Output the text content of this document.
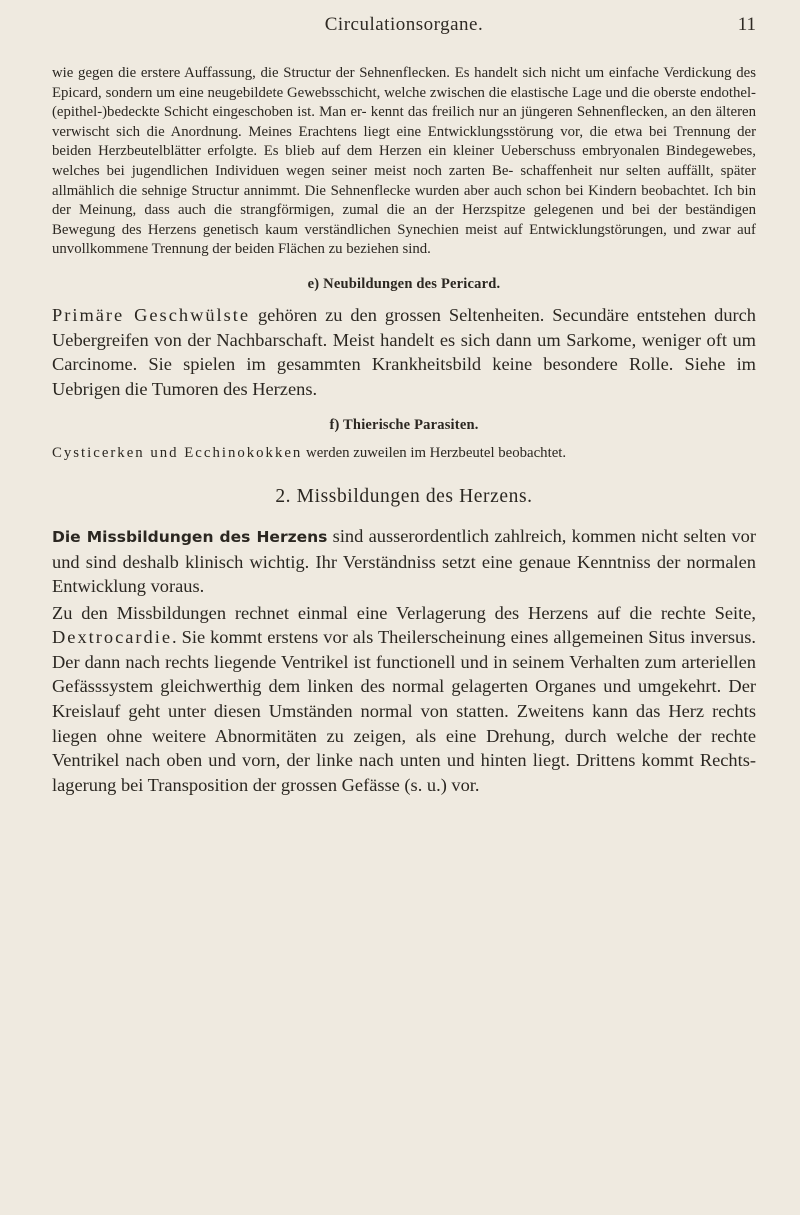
Circulationsorgane.	11

wie gegen die erstere Auffassung, die Structur der Sehnenflecken. Es handelt sich nicht um einfache Verdickung des Epicard, sondern um eine neugebildete Gewebsschicht, welche zwischen die elastische Lage und die oberste endothel-(epithel-)bedeckte Schicht eingeschoben ist. Man er- kennt das freilich nur an jüngeren Sehnenflecken, an den älteren verwischt sich die Anordnung. Meines Erachtens liegt eine Entwicklungsstörung vor, die etwa bei Trennung der beiden Herzbeutelblätter erfolgte. Es blieb auf dem Herzen ein kleiner Ueberschuss embryonalen Bindegewebes, welches bei jugendlichen Individuen wegen seiner meist noch zarten Be- schaffenheit nur selten auffällt, später allmählich die sehnige Structur annimmt. Die Sehnenflecke wurden aber auch schon bei Kindern beobachtet. Ich bin der Meinung, dass auch die strangförmigen, zumal die an der Herzspitze gelegenen und bei der beständigen Bewegung des Herzens genetisch kaum verständlichen Synechien meist auf Entwicklungstörungen, und zwar auf unvollkommene Trennung der beiden Flächen zu beziehen sind.

e) Neubildungen des Pericard.

Primäre Geschwülste gehören zu den grossen Seltenheiten. Secundäre entstehen durch Uebergreifen von der Nachbarschaft. Meist handelt es sich dann um Sarkome, weniger oft um Carcinome. Sie spielen im gesammten Krankheitsbild keine besondere Rolle. Siehe im Uebrigen die Tumoren des Herzens.

f) Thierische Parasiten.

Cysticerken und Ecchinokokken werden zuweilen im Herzbeutel beobachtet.

2. Missbildungen des Herzens.

Die Missbildungen des Herzens sind ausserordentlich zahlreich, kommen nicht selten vor und sind deshalb klinisch wichtig. Ihr Verständniss setzt eine genaue Kenntniss der normalen Entwicklung voraus.

Zu den Missbildungen rechnet einmal eine Verlagerung des Herzens auf die rechte Seite, Dextrocardie. Sie kommt erstens vor als Theilerscheinung eines allgemeinen Situs inversus. Der dann nach rechts liegende Ventrikel ist functionell und in seinem Verhalten zum arteriellen Gefässsystem gleichwerthig dem linken des normal gelagerten Organes und umgekehrt. Der Kreislauf geht unter diesen Umständen normal von statten. Zweitens kann das Herz rechts liegen ohne weitere Abnormitäten zu zeigen, als eine Drehung, durch welche der rechte Ventrikel nach oben und vorn, der linke nach unten und hinten liegt. Drittens kommt Rechts- lagerung bei Transposition der grossen Gefässe (s. u.) vor.
